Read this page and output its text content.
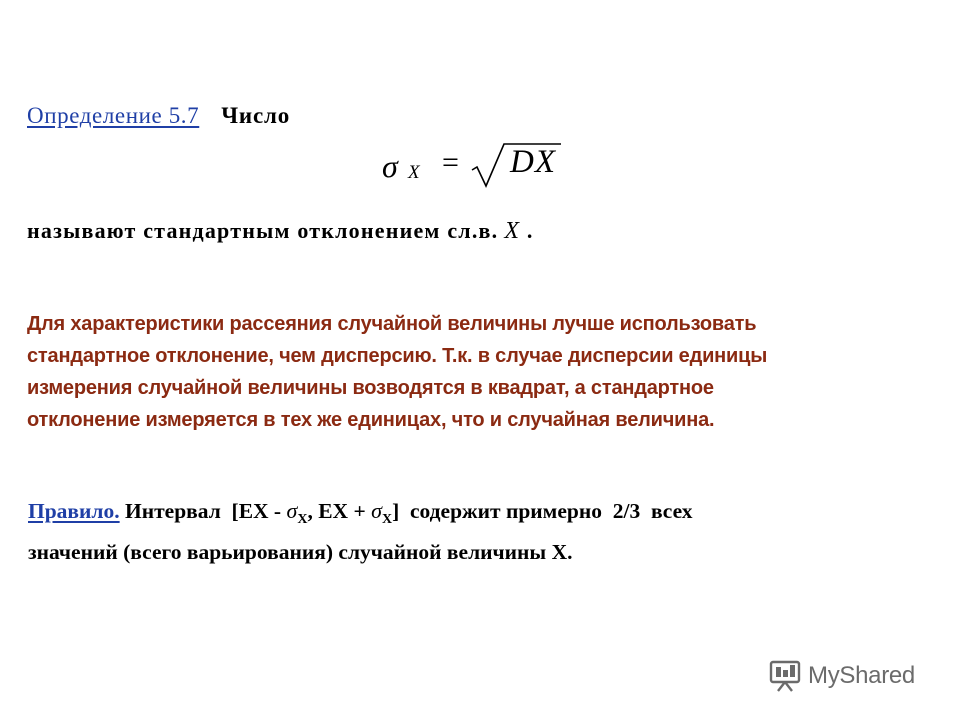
Определение 5.7 Число
σ X = DX
называют стандартным отклонением сл.в. X .
Для характеристики рассеяния случайной величины лучше использовать
стандартное отклонение, чем дисперсию. Т.к. в случае дисперсии единицы
измерения случайной величины возводятся в квадрат, а стандартное
отклонение измеряется в тех же единицах, что и случайная величина.
Правило. Интервал  [$EX - \sigma_X$, EX + $\sigma_X$]  содержит примерно  2/3  всех
значений (всего варьирования) случайной величины X.
MyShared
